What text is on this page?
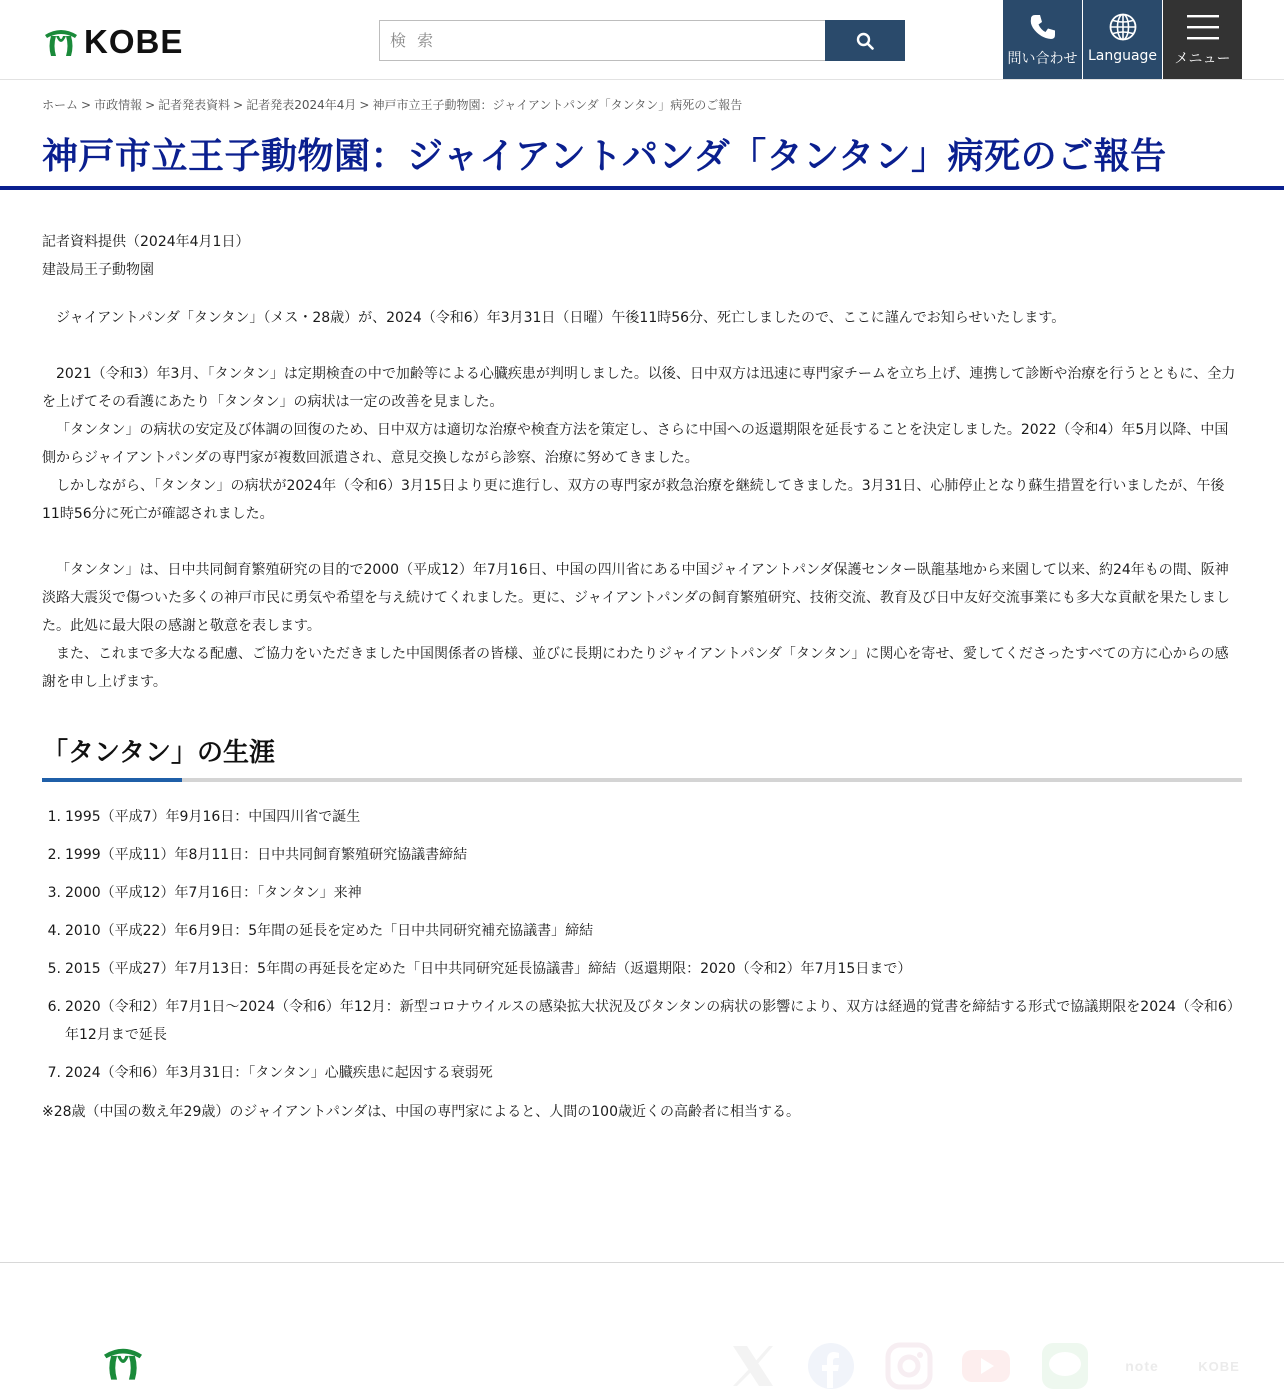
KOBE
検 索	問い合わせ Language メニュー
ホーム > 市政情報 > 記者発表資料 > 記者発表2024年4月 > 神戸市立王子動物園：ジャイアントパンダ「タンタン」病死のご報告
神戸市立王子動物園：ジャイアントパンダ「タンタン」病死のご報告
記者資料提供（2024年4月1日）
建設局王子動物園

ジャイアントパンダ「タンタン」（メス・28歳）が、2024（令和6）年3月31日（日曜）午後11時56分、死亡しましたので、ここに謹んでお知らせいたします。

2021（令和3）年3月、「タンタン」は定期検査の中で加齢等による心臓疾患が判明しました。以後、日中双方は迅速に専門家チームを立ち上げ、連携して診断や治療を行うとともに、全力を上げてその看護にあたり「タンタン」の病状は一定の改善を見ました。

「タンタン」の病状の安定及び体調の回復のため、日中双方は適切な治療や検査方法を策定し、さらに中国への返還期限を延長することを決定しました。2022（令和4）年5月以降、中国側からジャイアントパンダの専門家が複数回派遣され、意見交換しながら診察、治療に努めてきました。

しかしながら、「タンタン」の病状が2024年（令和6）3月15日より更に進行し、双方の専門家が救急治療を継続してきました。3月31日、心肺停止となり蘇生措置を行いましたが、午後11時56分に死亡が確認されました。

「タンタン」は、日中共同飼育繁殖研究の目的で2000（平成12）年7月16日、中国の四川省にある中国ジャイアントパンダ保護センター臥龍基地から来園して以来、約24年もの間、阪神淡路大震災で傷ついた多くの神戸市民に勇気や希望を与え続けてくれました。更に、ジャイアントパンダの飼育繁殖研究、技術交流、教育及び日中友好交流事業にも多大な貢献を果たしました。此処に最大限の感謝と敬意を表します。

また、これまで多大なる配慮、ご協力をいただきました中国関係者の皆様、並びに長期にわたりジャイアントパンダ「タンタン」に関心を寄せ、愛してくださったすべての方に心からの感謝を申し上げます。

「タンタン」の生涯
1. 1995（平成7）年9月16日：中国四川省で誕生
2. 1999（平成11）年8月11日：日中共同飼育繁殖研究協議書締結
3. 2000（平成12）年7月16日：「タンタン」来神
4. 2010（平成22）年6月9日：5年間の延長を定めた「日中共同研究補充協議書」締結
5. 2015（平成27）年7月13日：5年間の再延長を定めた「日中共同研究延長協議書」締結（返還期限：2020（令和2）年7月15日まで）
6. 2020（令和2）年7月1日～2024（令和6）年12月：新型コロナウイルスの感染拡大状況及びタンタンの病状の影響により、双方は経過的覚書を締結する形式で協議期限を2024（令和6）年12月まで延長
7. 2024（令和6）年3月31日：「タンタン」心臓疾患に起因する衰弱死

※28歳（中国の数え年29歳）のジャイアントパンダは、中国の専門家によると、人間の100歳近くの高齢者に相当する。

note	KOBE
